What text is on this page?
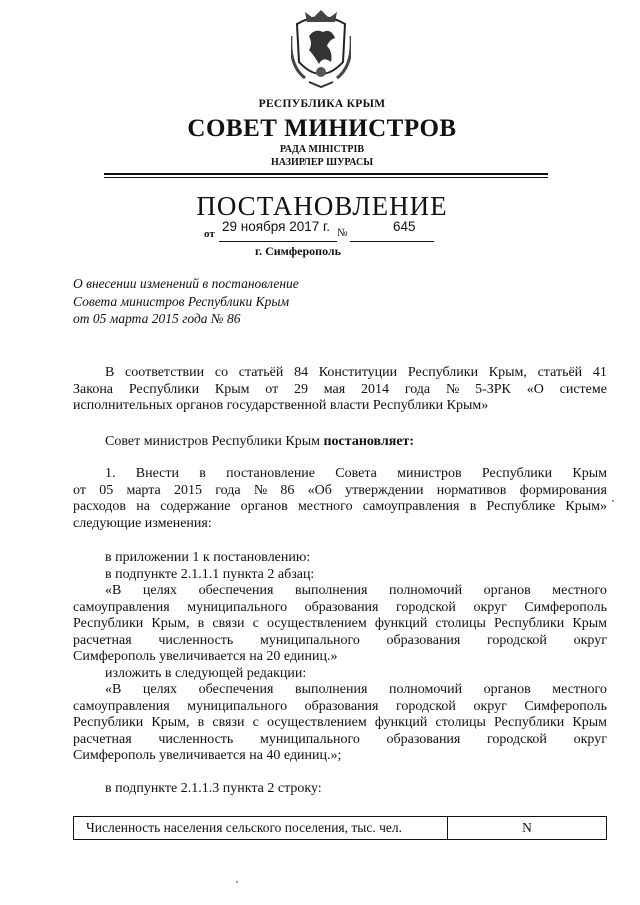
РЕСПУБЛИКА КРЫМ
СОВЕТ МИНИСТРОВ
РАДА МIНIСТРIВ
НАЗИРЛЕР ШУРАСЫ
ПОСТАНОВЛЕНИЕ
от 29 ноября 2017 г. №	645
г. Симферополь
О внесении изменений в постановление
Совета министров Республики Крым
от 05 марта 2015 года № 86
В соответствии со статьёй 84 Конституции Республики Крым, статьёй 41
Закона Республики Крым от 29 мая 2014 года № 5-ЗРК «О системе
исполнительных органов государственной власти Республики Крым»
Совет министров Республики Крым постановляет:
1. Внести в постановление Совета министров Республики Крым
от 05 марта 2015 года № 86 «Об утверждении нормативов формирования
расходов на содержание органов местного самоуправления в Республике Крым»
следующие изменения:
в приложении 1 к постановлению:
в подпункте 2.1.1.1 пункта 2 абзац:
«В целях обеспечения выполнения полномочий органов местного
самоуправления муниципального образования городской округ Симферополь
Республики Крым, в связи с осуществлением функций столицы Республики Крым
расчетная численность муниципального образования городской округ
Симферополь увеличивается на 20 единиц.»
изложить в следующей редакции:
«В целях обеспечения выполнения полномочий органов местного
самоуправления муниципального образования городской округ Симферополь
Республики Крым, в связи с осуществлением функций столицы Республики Крым
расчетная численность муниципального образования городской округ
Симферополь увеличивается на 40 единиц.»;
в подпункте 2.1.1.3 пункта 2 строку:
Численность населения сельского поселения, тыс. чел.	N
